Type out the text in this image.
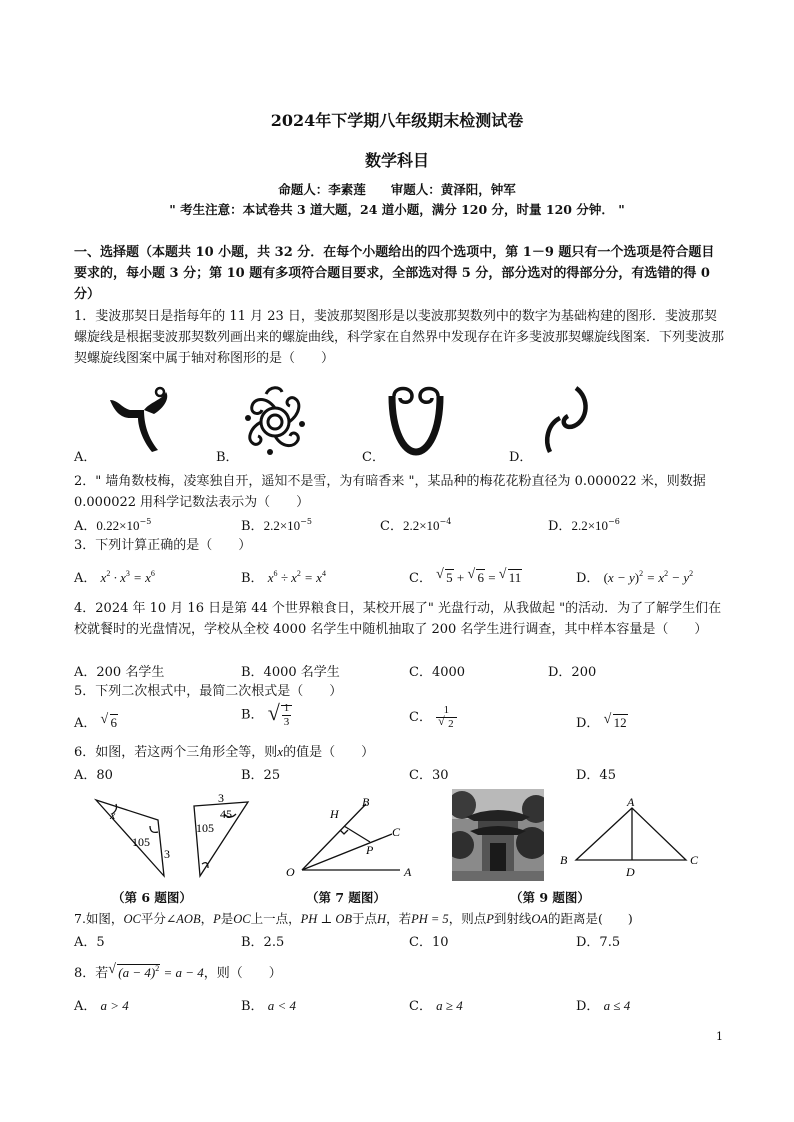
2024年下学期八年级期末检测试卷
数学科目
命题人：李素莲　　审题人：黄泽阳，钟军
" 考生注意：本试卷共 3 道大题，24 道小题，满分 120 分，时量 120 分钟． "
一、选择题（本题共 10 小题，共 32 分．在每个小题给出的四个选项中，第 1－9 题只有一个选项是符合题目要求的，每小题 3 分；第 10 题有多项符合题目要求，全部选对得 5 分，部分选对的得部分分，有选错的得 0 分）
1．斐波那契日是指每年的 11 月 23 日，斐波那契图形是以斐波那契数列中的数字为基础构建的图形．斐波那契螺旋线是根据斐波那契数列画出来的螺旋曲线，科学家在自然界中发现存在许多斐波那契螺旋线图案．下列斐波那契螺旋线图案中属于轴对称图形的是（　　）
A．	B．	C．	D．
2．" 墙角数枝梅，凌寒独自开，遥知不是雪，为有暗香来 "，某品种的梅花花粉直径为 0.000022 米，则数据 0.000022 用科学记数法表示为（　　）
A．$0.22\times 10^{-5}$	B．$2.2\times 10^{-5}$	C．$2.2\times 10^{-4}$	D．$2.2\times 10^{-6}$
3．下列计算正确的是（　　）
A． $x^2 \cdot x^3 = x^6$	B． $x^6 \div x^2 = x^4$	C． √ 5 + √ 6 = √ 11	D． $(x - y)^2 = x^2 - y^2$
4．2024 年 10 月 16 日是第 44 个世界粮食日，某校开展了" 光盘行动，从我做起 "的活动．为了了解学生们在校就餐时的光盘情况，学校从全校 4000 名学生中随机抽取了 200 名学生进行调查，其中样本容量是（　　）
A．200 名学生	B．4000 名学生	C．4000	D．200
5．下列二次根式中，最简二次根式是（　　）
A． √ 6
B． √ $\frac{1}{3}$	C． $\frac{1}{√ 2}$	D． √ 12
6．如图，若这两个三角形全等，则x的值是（　　）
A．80	B．25	C．30	D．45
x
105
3
3
45
105
（第 6 题图）
H
B
C
P
O	A
（第 7 题图）
A
B
D
C
（第 9 题图）
7.如图，OC平分∠AOB，P是OC上一点，PH ⊥ OB于点H，若PH = 5，则点P到射线OA的距离是(　　)
A．5	B．2.5	C．10	D．7.5
8．若 √ $(a - 4)^2 = a - 4$，则（　　）
A． a > 4	B． a < 4	C． a ≥ 4	D． a ≤ 4
1
